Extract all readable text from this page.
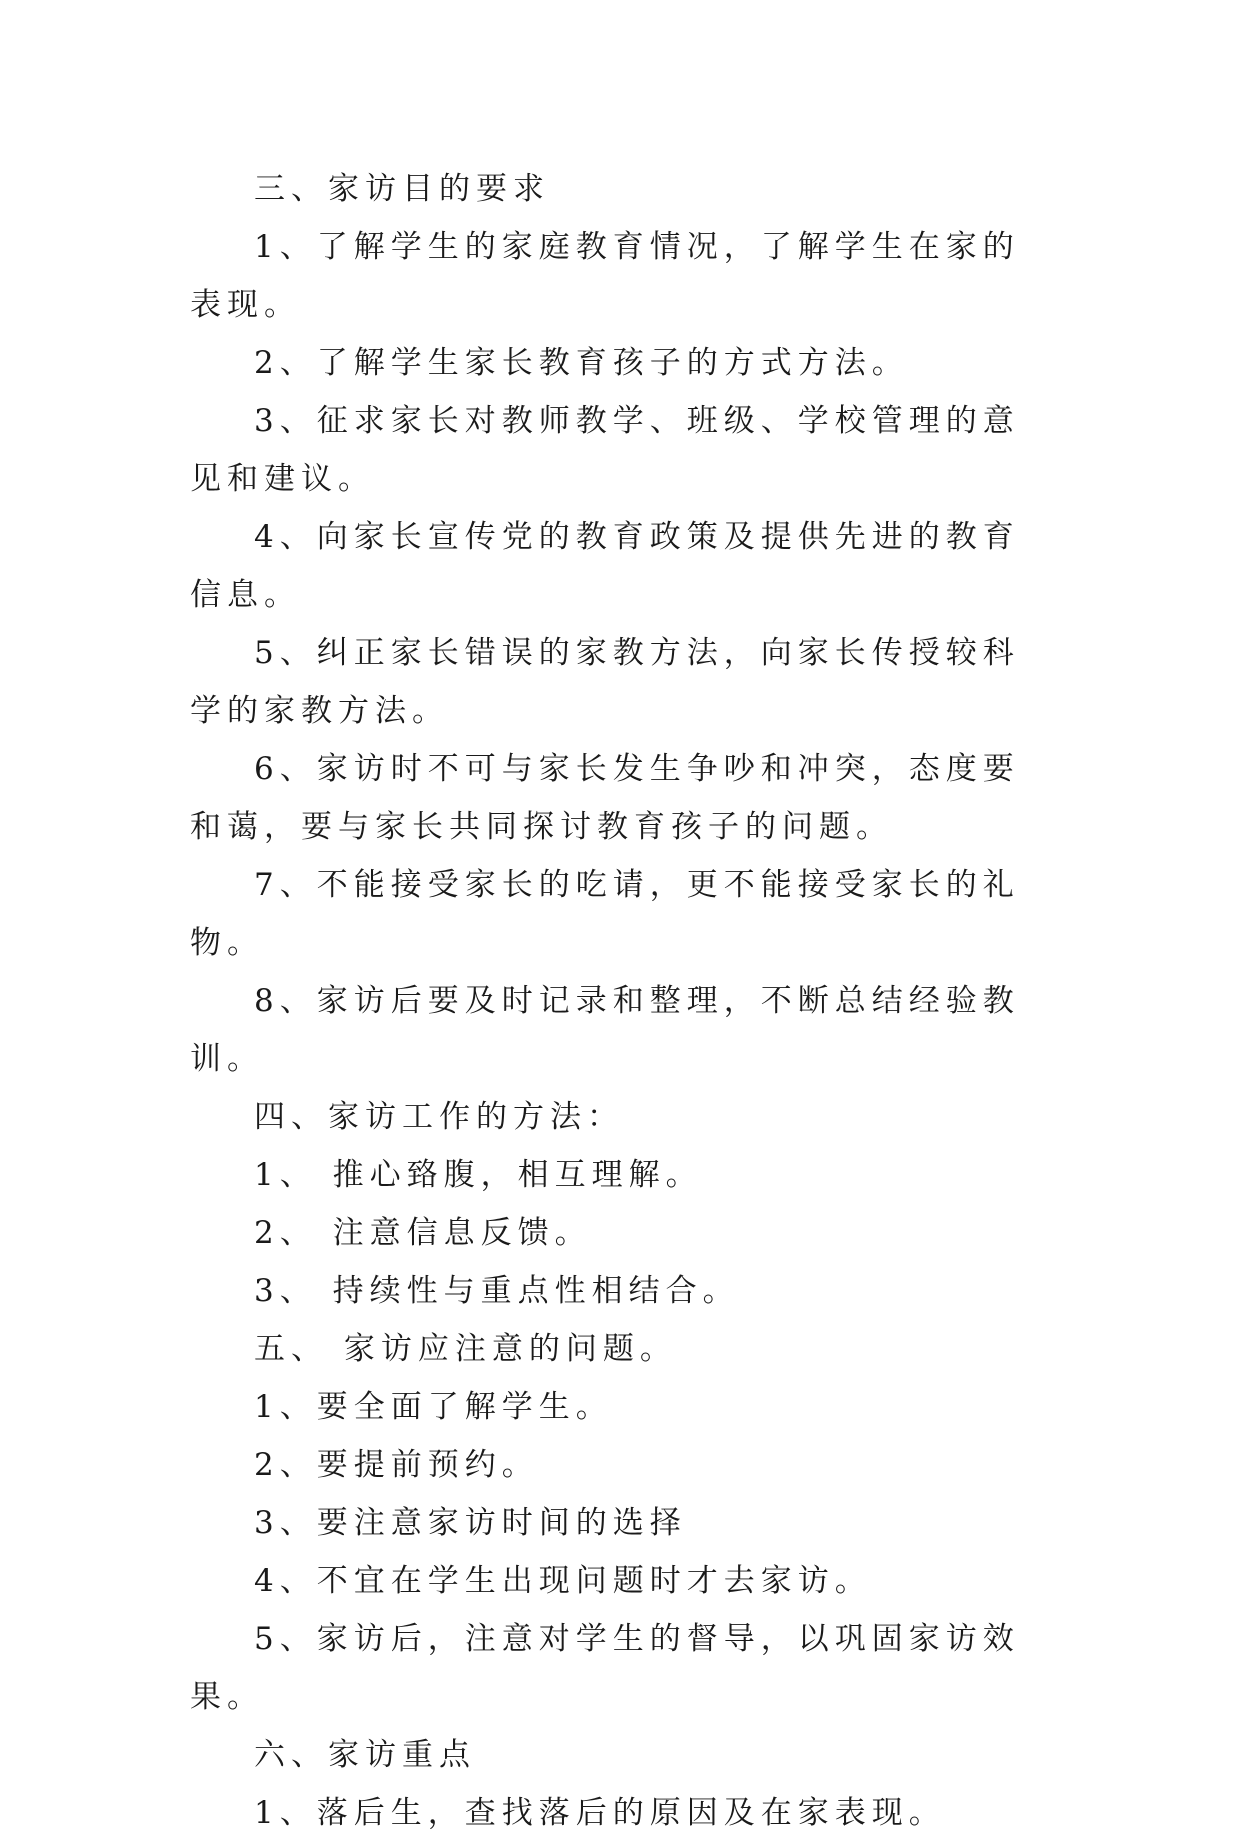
三、家访目的要求

1、了解学生的家庭教育情况，了解学生在家的表现。

2、了解学生家长教育孩子的方式方法。

3、征求家长对教师教学、班级、学校管理的意见和建议。

4、向家长宣传党的教育政策及提供先进的教育信息。

5、纠正家长错误的家教方法，向家长传授较科学的家教方法。

6、家访时不可与家长发生争吵和冲突，态度要和蔼，要与家长共同探讨教育孩子的问题。

7、不能接受家长的吃请，更不能接受家长的礼物。

8、家访后要及时记录和整理，不断总结经验教训。

四、家访工作的方法：

1、 推心臵腹，相互理解。

2、 注意信息反馈。

3、 持续性与重点性相结合。

五、 家访应注意的问题。

1、要全面了解学生。

2、要提前预约。

3、要注意家访时间的选择

4、不宜在学生出现问题时才去家访。

5、家访后，注意对学生的督导，以巩固家访效果。

六、家访重点

1、落后生，查找落后的原因及在家表现。
